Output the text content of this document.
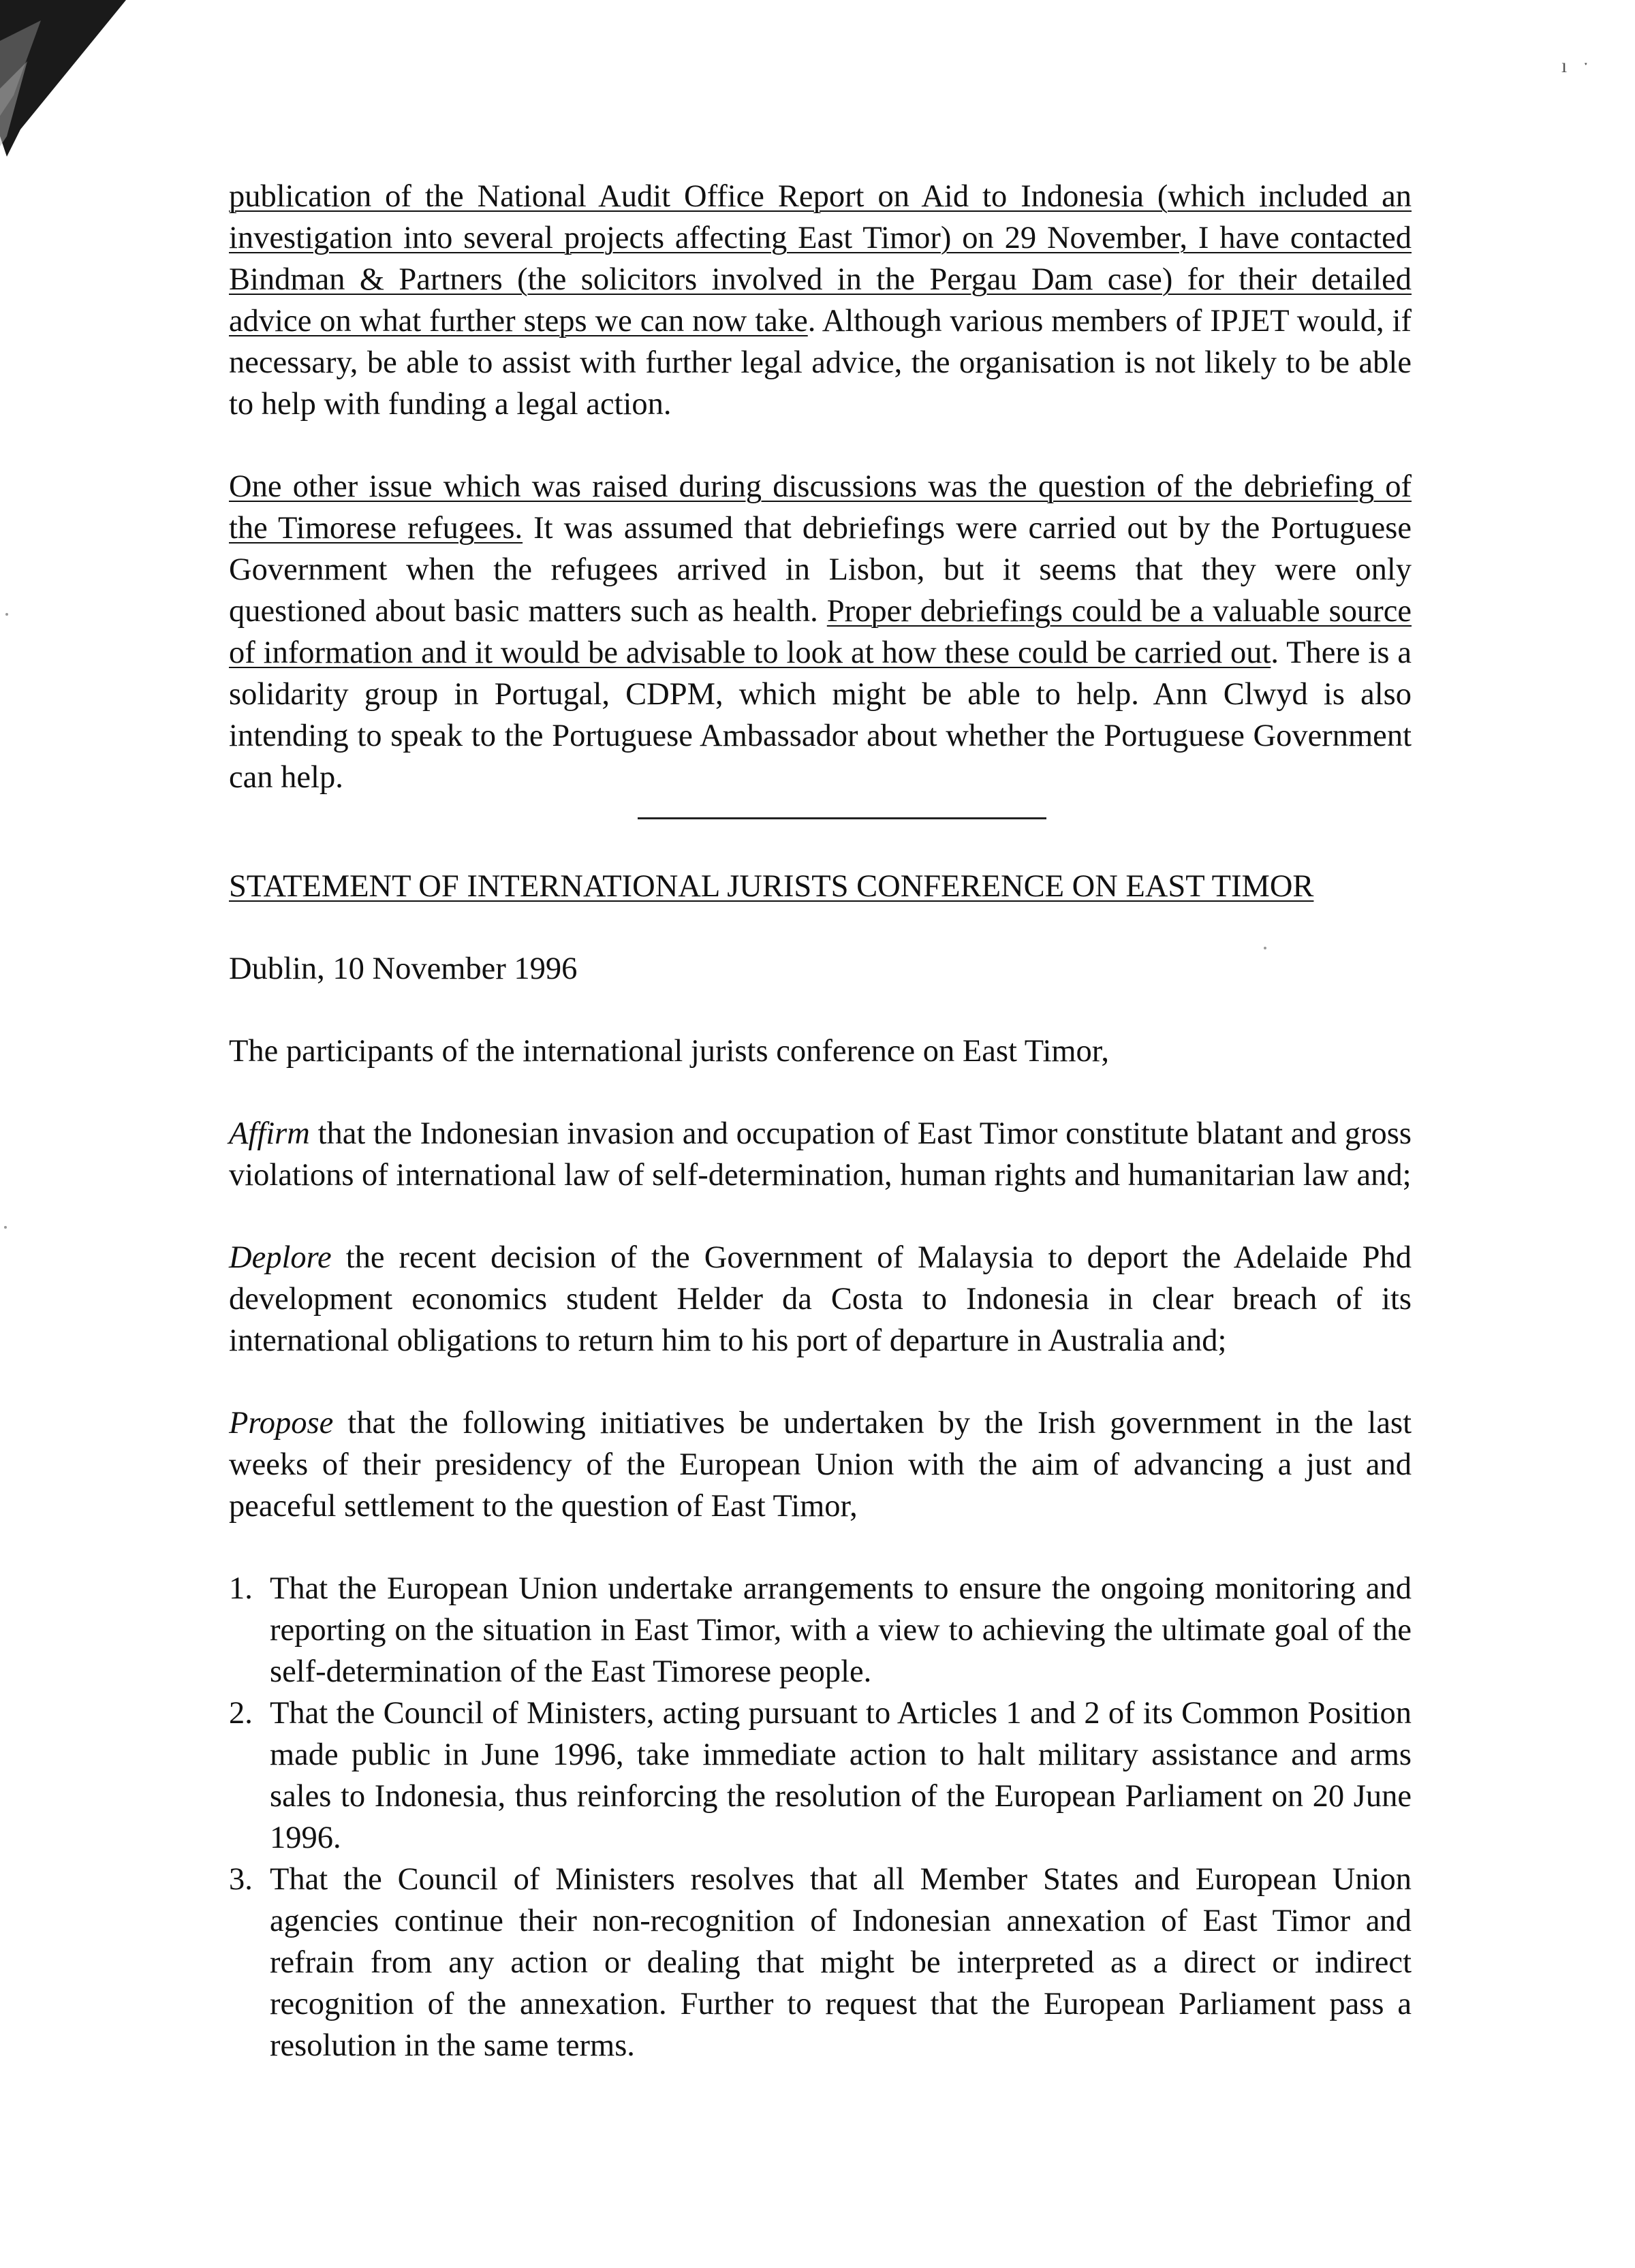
ı ˑ

publication of the National Audit Office Report on Aid to Indonesia (which included an investigation into several projects affecting East Timor) on 29 November, I have contacted Bindman & Partners (the solicitors involved in the Pergau Dam case) for their detailed advice on what further steps we can now take. Although various members of IPJET would, if necessary, be able to assist with further legal advice, the organisation is not likely to be able to help with funding a legal action.

One other issue which was raised during discussions was the question of the debriefing of the Timorese refugees. It was assumed that debriefings were carried out by the Portuguese Government when the refugees arrived in Lisbon, but it seems that they were only questioned about basic matters such as health. Proper debriefings could be a valuable source of information and it would be advisable to look at how these could be carried out. There is a solidarity group in Portugal, CDPM, which might be able to help. Ann Clwyd is also intending to speak to the Portuguese Ambassador about whether the Portuguese Government can help.

STATEMENT OF INTERNATIONAL JURISTS CONFERENCE ON EAST TIMOR

Dublin, 10 November 1996

The participants of the international jurists conference on East Timor,

Affirm that the Indonesian invasion and occupation of East Timor constitute blatant and gross violations of international law of self-determination, human rights and humanitarian law and;

Deplore the recent decision of the Government of Malaysia to deport the Adelaide Phd development economics student Helder da Costa to Indonesia in clear breach of its international obligations to return him to his port of departure in Australia and;

Propose that the following initiatives be undertaken by the Irish government in the last weeks of their presidency of the European Union with the aim of advancing a just and peaceful settlement to the question of East Timor,

1. That the European Union undertake arrangements to ensure the ongoing monitoring and reporting on the situation in East Timor, with a view to achieving the ultimate goal of the self-determination of the East Timorese people.
2. That the Council of Ministers, acting pursuant to Articles 1 and 2 of its Common Position made public in June 1996, take immediate action to halt military assistance and arms sales to Indonesia, thus reinforcing the resolution of the European Parliament on 20 June 1996.
3. That the Council of Ministers resolves that all Member States and European Union agencies continue their non-recognition of Indonesian annexation of East Timor and refrain from any action or dealing that might be interpreted as a direct or indirect recognition of the annexation. Further to request that the European Parliament pass a resolution in the same terms.
